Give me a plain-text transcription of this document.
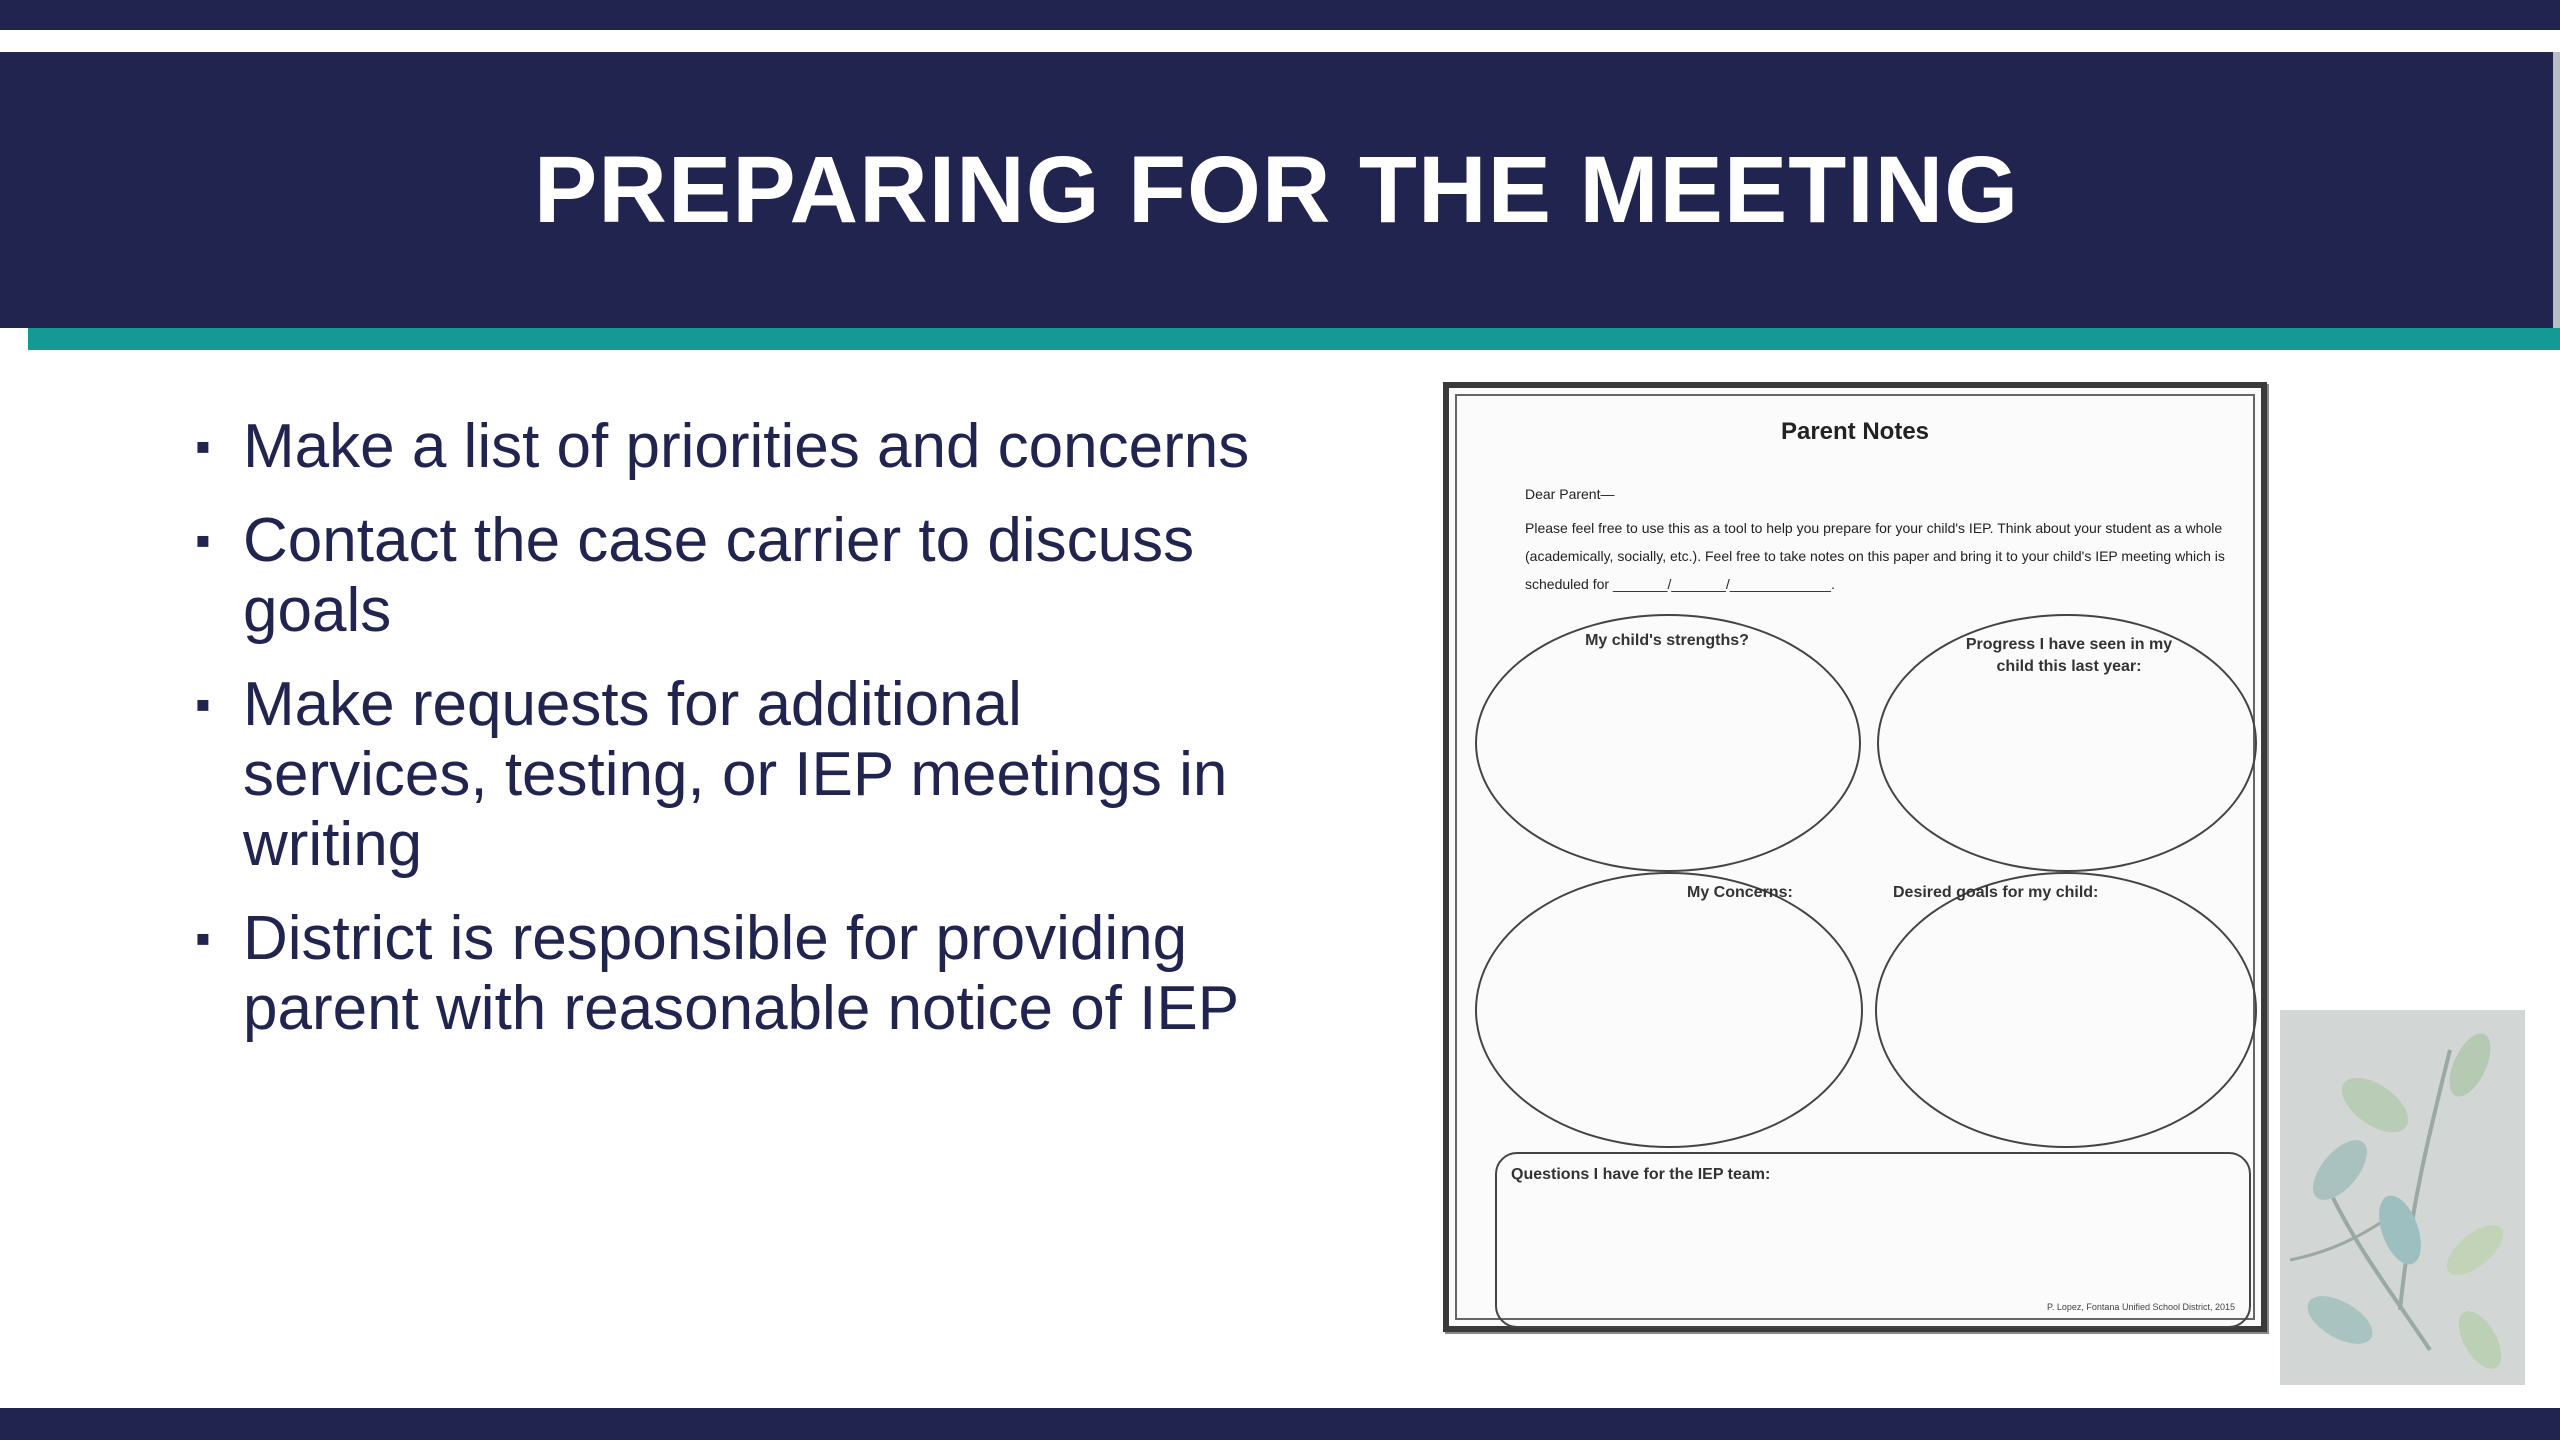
PREPARING FOR THE MEETING
▪ Make a list of priorities and concerns
▪ Contact the case carrier to discuss goals
▪ Make requests for additional services, testing, or IEP meetings in writing
▪ District is responsible for providing parent with reasonable notice of IEP
Parent Notes
Dear Parent—
Please feel free to use this as a tool to help you prepare for your child's IEP. Think about your student as a whole (academically, socially, etc.). Feel free to take notes on this paper and bring it to your child's IEP meeting which is scheduled for _______/_______/_____________.
My child's strengths?	Progress I have seen in my child this last year:
My Concerns:	Desired goals for my child:
Questions I have for the IEP team:
P. Lopez, Fontana Unified School District, 2015
